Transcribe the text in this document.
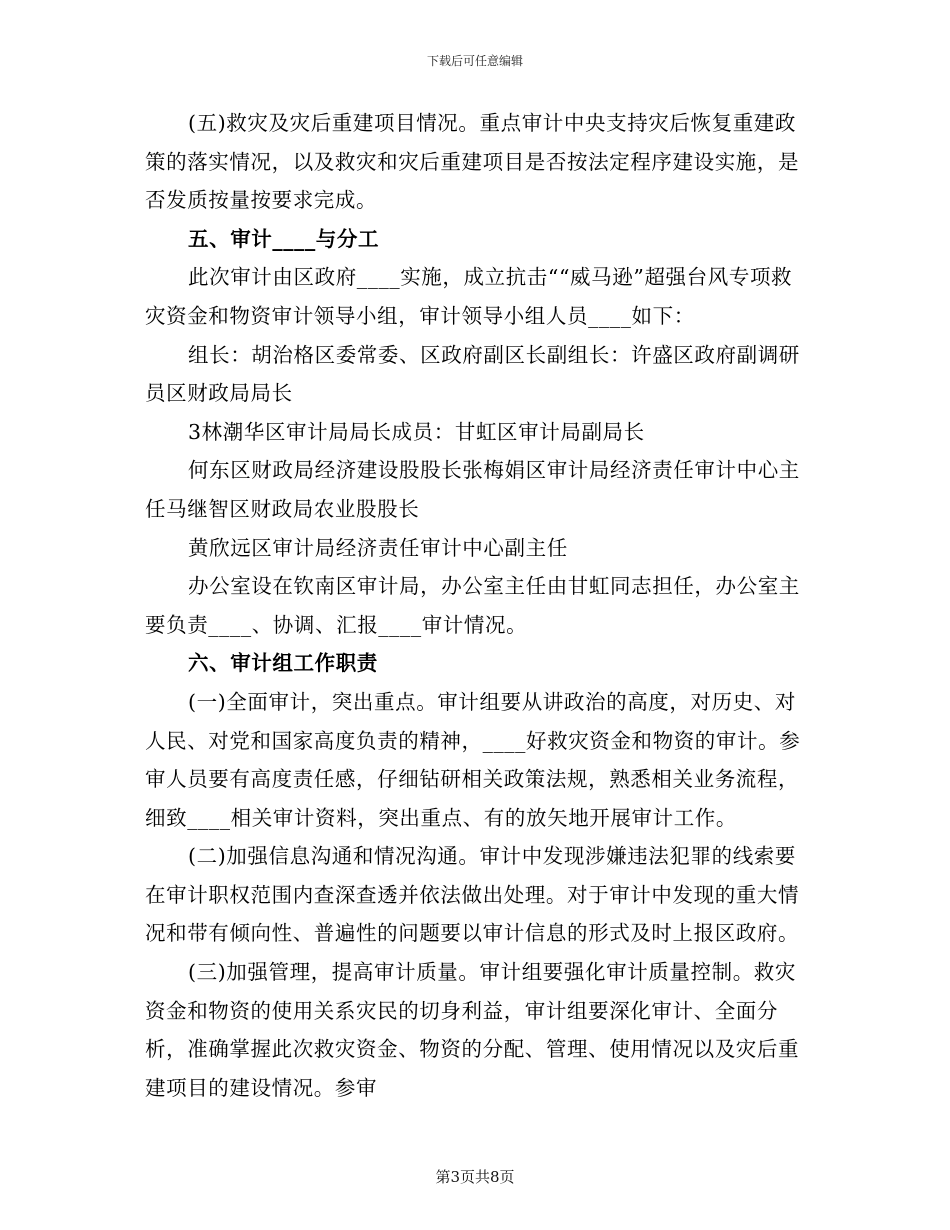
下载后可任意编辑

(五)救灾及灾后重建项目情况。重点审计中央支持灾后恢复重建政策的落实情况，以及救灾和灾后重建项目是否按法定程序建设实施，是否发质按量按要求完成。

五、审计____与分工

此次审计由区政府____实施，成立抗击““威马逊”超强台风专项救灾资金和物资审计领导小组，审计领导小组人员____如下：

组长：胡治格区委常委、区政府副区长副组长：许盛区政府副调研员区财政局局长

3林潮华区审计局局长成员：甘虹区审计局副局长

何东区财政局经济建设股股长张梅娟区审计局经济责任审计中心主任马继智区财政局农业股股长

黄欣远区审计局经济责任审计中心副主任

办公室设在钦南区审计局，办公室主任由甘虹同志担任，办公室主要负责____、协调、汇报____审计情况。

六、审计组工作职责

(一)全面审计，突出重点。审计组要从讲政治的高度，对历史、对人民、对党和国家高度负责的精神，____好救灾资金和物资的审计。参审人员要有高度责任感，仔细钻研相关政策法规，熟悉相关业务流程，细致____相关审计资料，突出重点、有的放矢地开展审计工作。

(二)加强信息沟通和情况沟通。审计中发现涉嫌违法犯罪的线索要在审计职权范围内查深查透并依法做出处理。对于审计中发现的重大情况和带有倾向性、普遍性的问题要以审计信息的形式及时上报区政府。

(三)加强管理，提高审计质量。审计组要强化审计质量控制。救灾资金和物资的使用关系灾民的切身利益，审计组要深化审计、全面分析，准确掌握此次救灾资金、物资的分配、管理、使用情况以及灾后重建项目的建设情况。参审

第3页共8页
